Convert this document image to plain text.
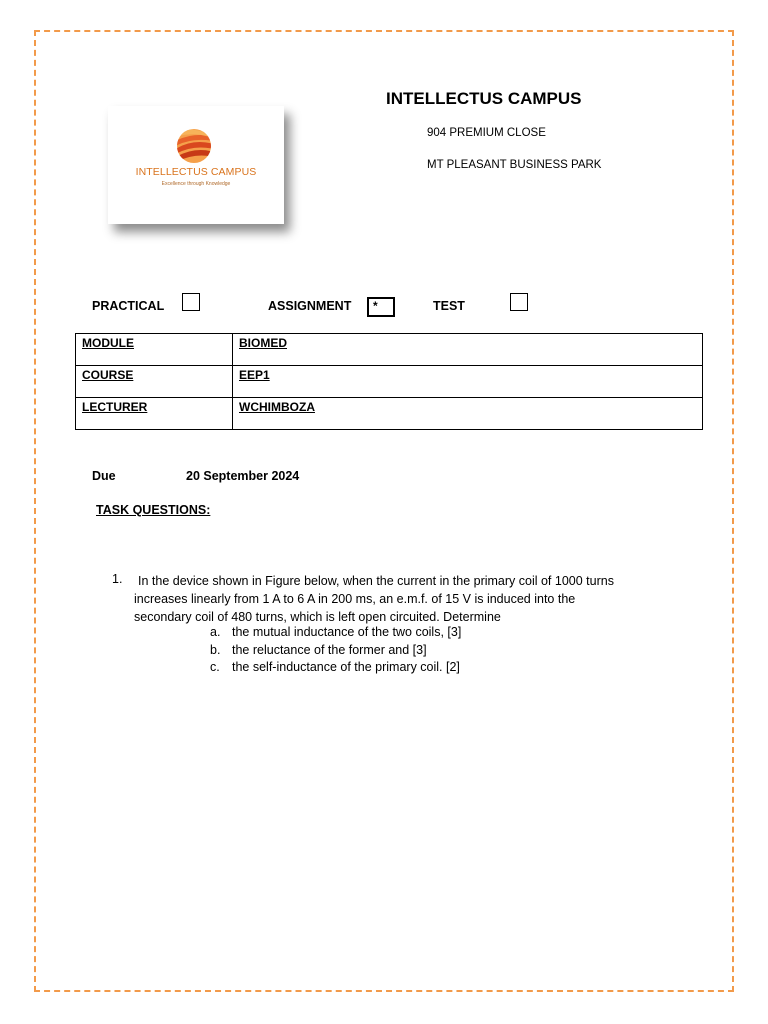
INTELLECTUS CAMPUS
Excellence through Knowledge
INTELLECTUS CAMPUS
904 PREMIUM CLOSE
MT PLEASANT BUSINESS PARK
PRACTICAL	ASSIGNMENT	*	TEST
MODULE	BIOMED
COURSE	EEP1
LECTURER	WCHIMBOZA
Due	20 September 2024
TASK QUESTIONS:
1.	In the device shown in Figure below, when the current in the primary coil of 1000 turns increases linearly from 1 A to 6 A in 200 ms, an e.m.f. of 15 V is induced into the secondary coil of 480 turns, which is left open circuited. Determine
a. the mutual inductance of the two coils, [3]
b. the reluctance of the former and [3]
c. the self-inductance of the primary coil. [2]
